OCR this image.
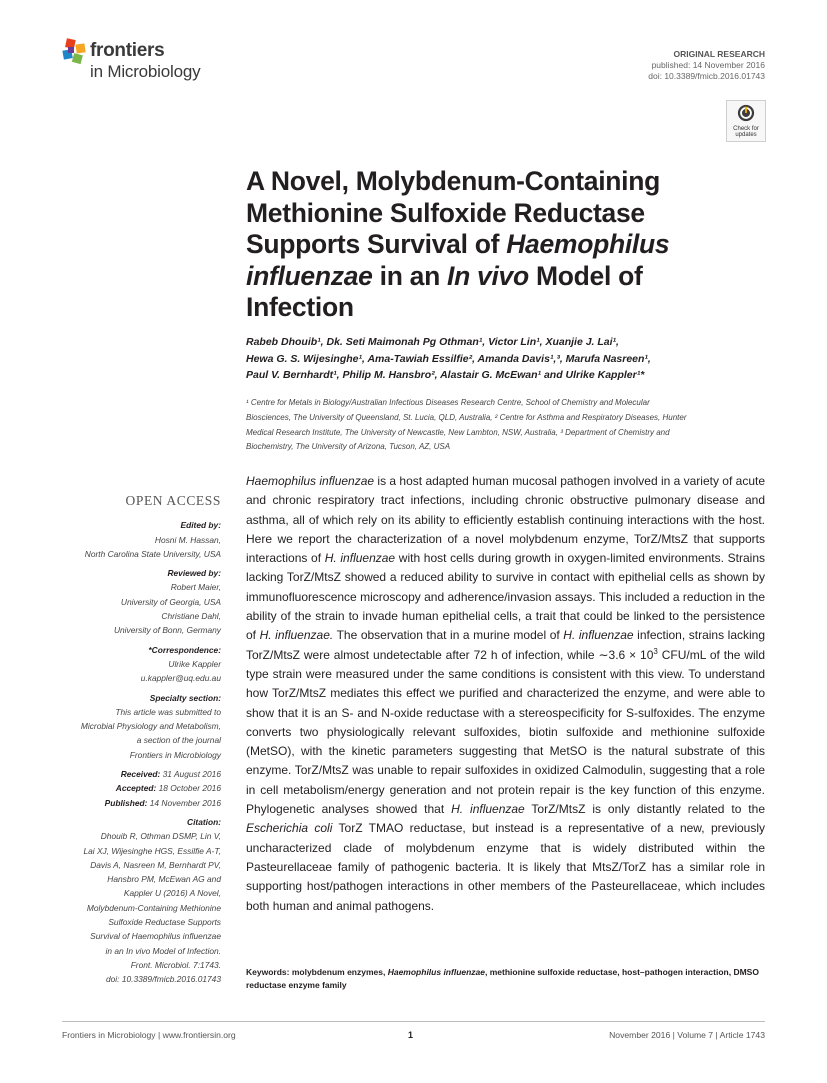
frontiers
in Microbiology
ORIGINAL RESEARCH
published: 14 November 2016
doi: 10.3389/fmicb.2016.01743
Check for
updates
A Novel, Molybdenum-Containing Methionine Sulfoxide Reductase Supports Survival of Haemophilus influenzae in an In vivo Model of Infection
Rabeb Dhouib¹, Dk. Seti Maimonah Pg Othman¹, Victor Lin¹, Xuanjie J. Lai¹,
Hewa G. S. Wijesinghe¹, Ama-Tawiah Essilfie², Amanda Davis¹,³, Marufa Nasreen¹,
Paul V. Bernhardt¹, Philip M. Hansbro², Alastair G. McEwan¹ and Ulrike Kappler¹*
¹ Centre for Metals in Biology/Australian Infectious Diseases Research Centre, School of Chemistry and Molecular
Biosciences, The University of Queensland, St. Lucia, QLD, Australia, ² Centre for Asthma and Respiratory Diseases, Hunter
Medical Research Institute, The University of Newcastle, New Lambton, NSW, Australia, ³ Department of Chemistry and
Biochemistry, The University of Arizona, Tucson, AZ, USA
Haemophilus influenzae is a host adapted human mucosal pathogen involved in a variety of acute and chronic respiratory tract infections, including chronic obstructive pulmonary disease and asthma, all of which rely on its ability to efficiently establish continuing interactions with the host. Here we report the characterization of a novel molybdenum enzyme, TorZ/MtsZ that supports interactions of H. influenzae with host cells during growth in oxygen-limited environments. Strains lacking TorZ/MtsZ showed a reduced ability to survive in contact with epithelial cells as shown by immunofluorescence microscopy and adherence/invasion assays. This included a reduction in the ability of the strain to invade human epithelial cells, a trait that could be linked to the persistence of H. influenzae. The observation that in a murine model of H. influenzae infection, strains lacking TorZ/MtsZ were almost undetectable after 72 h of infection, while ∼3.6 × $10^3$ CFU/mL of the wild type strain were measured under the same conditions is consistent with this view. To understand how TorZ/MtsZ mediates this effect we purified and characterized the enzyme, and were able to show that it is an S- and N-oxide reductase with a stereospecificity for S-sulfoxides. The enzyme converts two physiologically relevant sulfoxides, biotin sulfoxide and methionine sulfoxide (MetSO), with the kinetic parameters suggesting that MetSO is the natural substrate of this enzyme. TorZ/MtsZ was unable to repair sulfoxides in oxidized Calmodulin, suggesting that a role in cell metabolism/energy generation and not protein repair is the key function of this enzyme. Phylogenetic analyses showed that H. influenzae TorZ/MtsZ is only distantly related to the Escherichia coli TorZ TMAO reductase, but instead is a representative of a new, previously uncharacterized clade of molybdenum enzyme that is widely distributed within the Pasteurellaceae family of pathogenic bacteria. It is likely that MtsZ/TorZ has a similar role in supporting host/pathogen interactions in other members of the Pasteurellaceae, which includes both human and animal pathogens.
Keywords: molybdenum enzymes, Haemophilus influenzae, methionine sulfoxide reductase, host–pathogen interaction, DMSO reductase enzyme family
OPEN ACCESS
Edited by:
Hosni M. Hassan,
North Carolina State University, USA
Reviewed by:
Robert Maier,
University of Georgia, USA
Christiane Dahl,
University of Bonn, Germany
*Correspondence:
Ulrike Kappler
u.kappler@uq.edu.au
Specialty section:
This article was submitted to
Microbial Physiology and Metabolism,
a section of the journal
Frontiers in Microbiology
Received: 31 August 2016
Accepted: 18 October 2016
Published: 14 November 2016
Citation:
Dhouib R, Othman DSMP, Lin V,
Lai XJ, Wijesinghe HGS, Essilfie A-T,
Davis A, Nasreen M, Bernhardt PV,
Hansbro PM, McEwan AG and
Kappler U (2016) A Novel,
Molybdenum-Containing Methionine
Sulfoxide Reductase Supports
Survival of Haemophilus influenzae
in an In vivo Model of Infection.
Front. Microbiol. 7:1743.
doi: 10.3389/fmicb.2016.01743
Frontiers in Microbiology | www.frontiersin.org	1	November 2016 | Volume 7 | Article 1743
